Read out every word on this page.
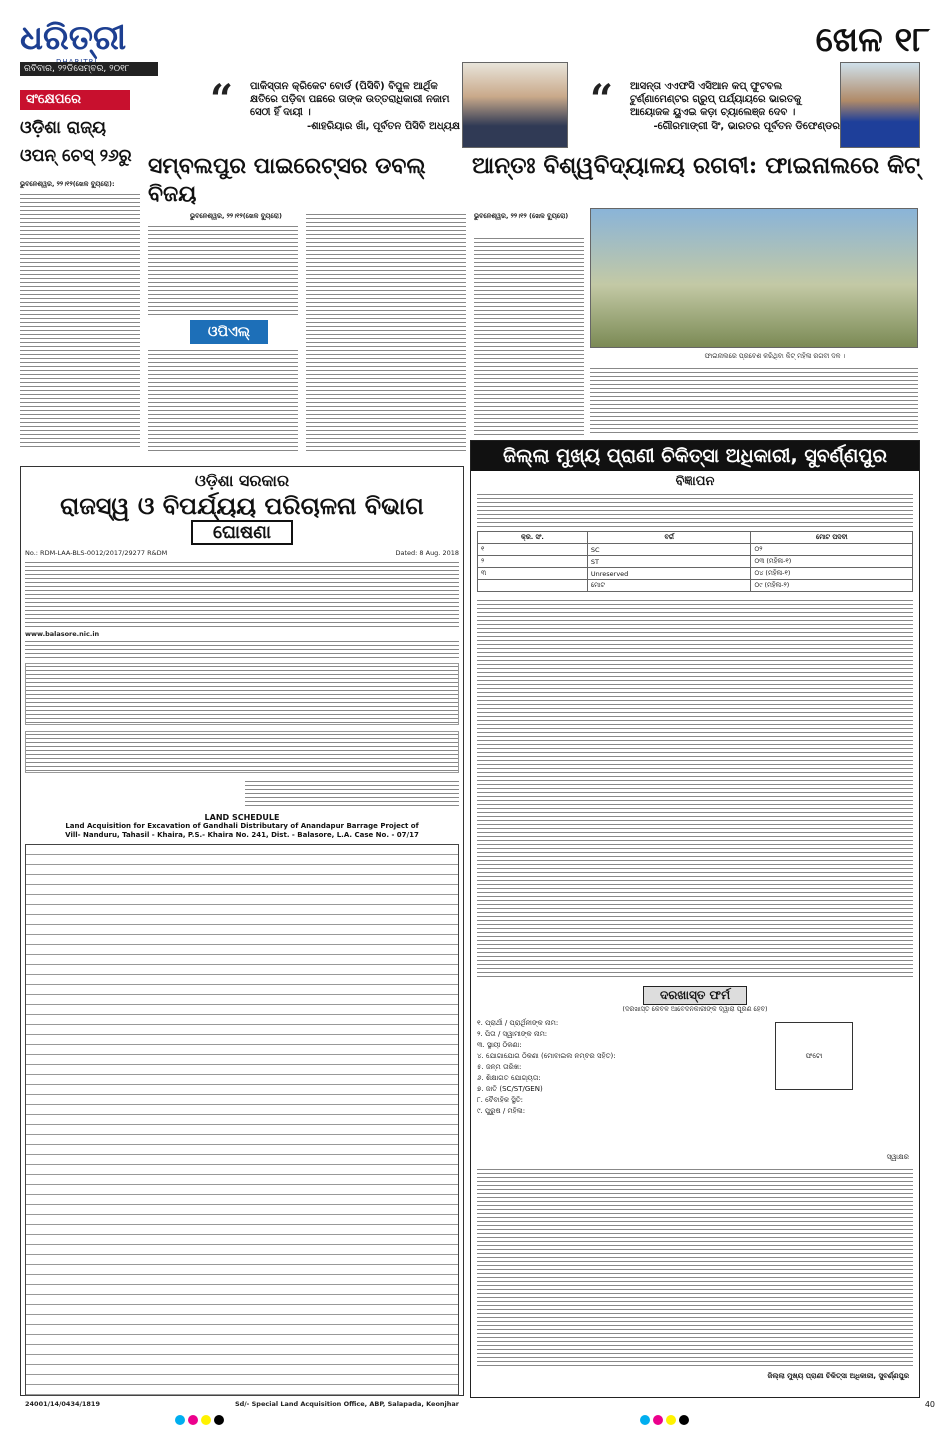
ଧରିତ୍ରୀ
ରବିବାର, ୨୨ଡିସେମ୍ବର, ୨୦୧୮
ଖେଳ ୧୮
“ ପାକିସ୍ତାନ କ୍ରିକେଟ ବୋର୍ଡ (ପିସିବି) ବିପୁଳ ଆର୍ଥିକ କ୍ଷତିରେ ପଡ଼ିବା ପଛରେ ତାଙ୍କ ଉତ୍ତରାଧିକାରୀ ନଜାମ ସେଠୀ ହିଁ ଦାୟୀ ।
-ଶାହରିୟାର ଖାଁ, ପୂର୍ବତନ ପିସିବି ଅଧ୍ୟକ୍ଷ
“ ଆସନ୍ତା ଏଏଫସି ଏସିଆନ କପ୍ ଫୁଟବଲ ଟୁର୍ଣ୍ଣାମେଣ୍ଟର ଗ୍ରୁପ୍ ପର୍ଯ୍ୟାୟରେ ଭାରତକୁ ଆୟୋଜକ ୟୁଏଇ କଡ଼ା ଚ୍ୟାଲେଞ୍ଜ ଦେବ ।
-ଗୌରମାଙ୍ଗୀ ସିଂ, ଭାରତର ପୂର୍ବତନ ଡିଫେଣ୍ଡର
ସଂକ୍ଷେପରେ
ଓଡ଼ିଶା ରାଜ୍ୟ ଓପନ୍ ଚେସ୍ ୨୬ରୁ
ଭୁବନେଶ୍ୱର, ୨୨।୧୨(ଖେଳ ବ୍ୟୁରୋ):
ସମ୍ବଲପୁର ପାଇରେଟ୍ସର ଡବଲ୍ ବିଜୟ
ଭୁବନେଶ୍ୱର, ୨୨।୧୨(ଖେଳ ବ୍ୟୁରୋ)
ଓପିଏଲ୍
ଆନ୍ତଃ ବିଶ୍ୱବିଦ୍ୟାଳୟ ରଗବୀ: ଫାଇନାଲରେ କିଟ୍
ଭୁବନେଶ୍ୱର, ୨୨।୧୨ (ଖେଳ ବ୍ୟୁରୋ)
ଫାଇନାଲରେ ପ୍ରବେଶ କରିଥିବା କିଟ୍ ମହିଳା ରଗବୀ ଦଳ ।
ଓଡ଼ିଶା ସରକାର
ରାଜସ୍ୱ ଓ ବିପର୍ଯ୍ୟୟ ପରିଚାଳନା ବିଭାଗ
ଘୋଷଣା
No.: RDM-LAA-BLS-0012/2017/29277 R&DM	Dated: 8 Aug. 2018
www.balasore.nic.in
LAND SCHEDULE
Land Acquisition for Excavation of Gandhali Distributary of Anandapur Barrage Project of Vill- Nanduru, Tahasil - Khaira, P.S.- Khaira No. 241, Dist. - Balasore, L.A. Case No. - 07/17
24001/14/0434/1819	Sd/- Special Land Acquisition Office, ABP, Salapada, Keonjhar
ଜିଲ୍ଲା ମୁଖ୍ୟ ପ୍ରାଣୀ ଚିକିତ୍ସା ଅଧିକାରୀ, ସୁବର୍ଣ୍ଣପୁର
ବିଜ୍ଞାପନ
କ୍ର. ସଂ.	ବର୍ଗ	ମୋଟ ପଦବୀ
୧	SC	୦୨
୨	ST	୦୩ (ମହିଳା-୧)
୩	Unreserved	୦୪ (ମହିଳା-୧)
	ମୋଟ	୦୯ (ମହିଳା-୨)
ଦରଖାସ୍ତ ଫର୍ମ
(ଦରଖାସ୍ତ କେବଳ ଆବେଦନକାରୀଙ୍କ ଦ୍ୱାରା ପୂରଣ ହେବ)
୧. ପ୍ରାର୍ଥୀ / ପ୍ରାର୍ଥିନୀଙ୍କ ନାମ:
୨. ପିତା / ସ୍ୱାମୀଙ୍କ ନାମ:
୩. ସ୍ଥାୟୀ ଠିକଣା:
୪. ଯୋଗାଯୋଗ ଠିକଣା (ମୋବାଇଲ ନମ୍ବର ସହିତ):
୫. ଜନ୍ମ ତାରିଖ:
୬. ଶିକ୍ଷାଗତ ଯୋଗ୍ୟତା:
୭. ଜାତି (SC/ST/GEN)
୮. ବୈବାହିକ ସ୍ଥିତି:
୯. ପୁରୁଷ / ମହିଳା:
ଫଟୋ
ସ୍ୱାକ୍ଷର
ଜିଲ୍ଲା ମୁଖ୍ୟ ପ୍ରାଣୀ ଚିକିତ୍ସା ଅଧିକାରୀ, ସୁବର୍ଣ୍ଣପୁର
40
